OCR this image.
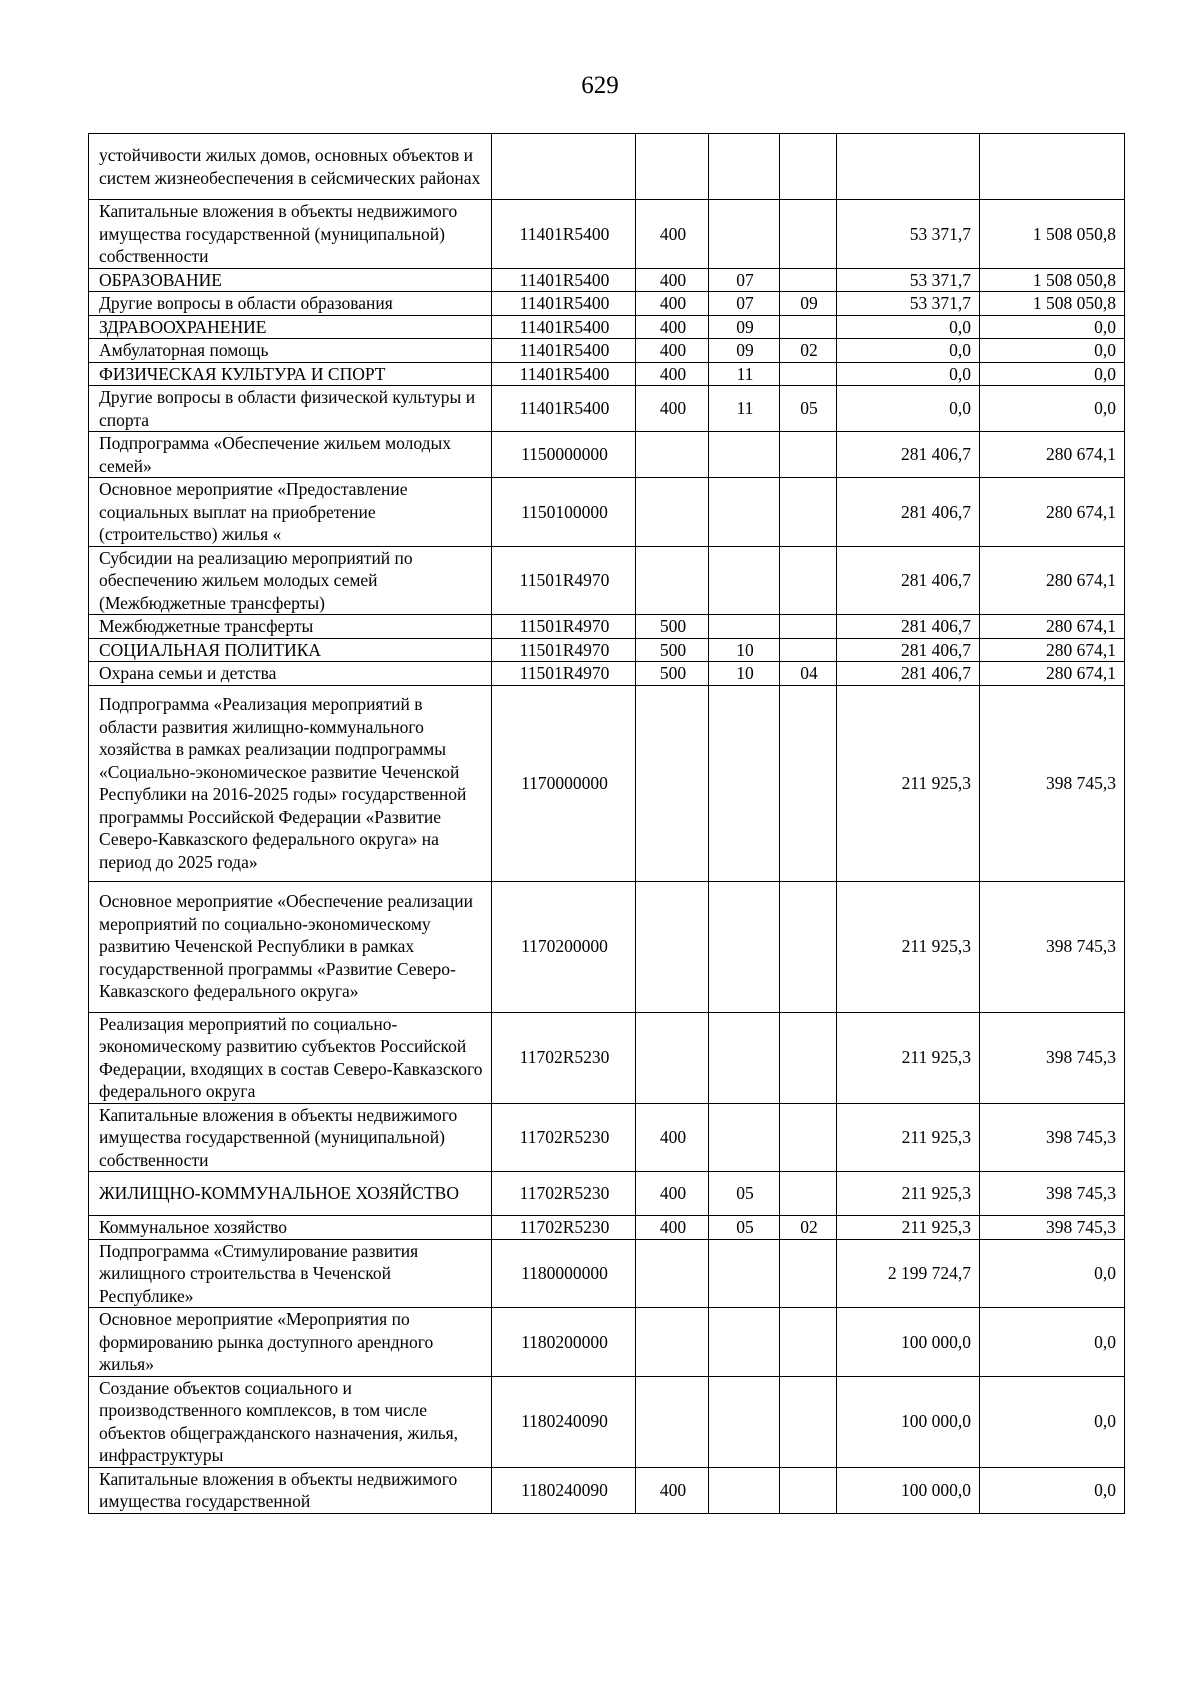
629
устойчивости жилых домов, основных объектов и систем жизнеобеспечения в сейсмических районах						
Капитальные вложения в объекты недвижимого имущества государственной (муниципальной) собственности	11401R5400	400			53 371,7	1 508 050,8
ОБРАЗОВАНИЕ	11401R5400	400	07		53 371,7	1 508 050,8
Другие вопросы в области образования	11401R5400	400	07	09	53 371,7	1 508 050,8
ЗДРАВООХРАНЕНИЕ	11401R5400	400	09		0,0	0,0
Амбулаторная помощь	11401R5400	400	09	02	0,0	0,0
ФИЗИЧЕСКАЯ КУЛЬТУРА И СПОРТ	11401R5400	400	11		0,0	0,0
Другие вопросы в области физической культуры и спорта	11401R5400	400	11	05	0,0	0,0
Подпрограмма «Обеспечение жильем молодых семей»	1150000000				281 406,7	280 674,1
Основное мероприятие «Предоставление социальных выплат на приобретение (строительство) жилья «	1150100000				281 406,7	280 674,1
Субсидии на реализацию мероприятий по обеспечению жильем молодых семей (Межбюджетные трансферты)	11501R4970				281 406,7	280 674,1
Межбюджетные трансферты	11501R4970	500			281 406,7	280 674,1
СОЦИАЛЬНАЯ ПОЛИТИКА	11501R4970	500	10		281 406,7	280 674,1
Охрана семьи и детства	11501R4970	500	10	04	281 406,7	280 674,1
Подпрограмма «Реализация мероприятий в области развития жилищно-коммунального хозяйства в рамках реализации подпрограммы «Социально-экономическое развитие Чеченской Республики на 2016-2025 годы» государственной программы Российской Федерации «Развитие Северо-Кавказского федерального округа» на период до 2025 года»	1170000000				211 925,3	398 745,3
Основное мероприятие «Обеспечение реализации мероприятий по социально-экономическому развитию Чеченской Республики в рамках государственной программы «Развитие Северо-Кавказского федерального округа»	1170200000				211 925,3	398 745,3
Реализация мероприятий по социально-экономическому развитию субъектов Российской Федерации, входящих в состав Северо-Кавказского федерального округа	11702R5230				211 925,3	398 745,3
Капитальные вложения в объекты недвижимого имущества государственной (муниципальной) собственности	11702R5230	400			211 925,3	398 745,3
ЖИЛИЩНО-КОММУНАЛЬНОЕ ХОЗЯЙСТВО	11702R5230	400	05		211 925,3	398 745,3
Коммунальное хозяйство	11702R5230	400	05	02	211 925,3	398 745,3
Подпрограмма «Стимулирование развития жилищного строительства в Чеченской Республике»	1180000000				2 199 724,7	0,0
Основное мероприятие «Мероприятия по формированию рынка доступного арендного жилья»	1180200000				100 000,0	0,0
Создание объектов социального и производственного комплексов, в том числе объектов общегражданского назначения, жилья, инфраструктуры	1180240090				100 000,0	0,0
Капитальные вложения в объекты недвижимого имущества государственной	1180240090	400			100 000,0	0,0
